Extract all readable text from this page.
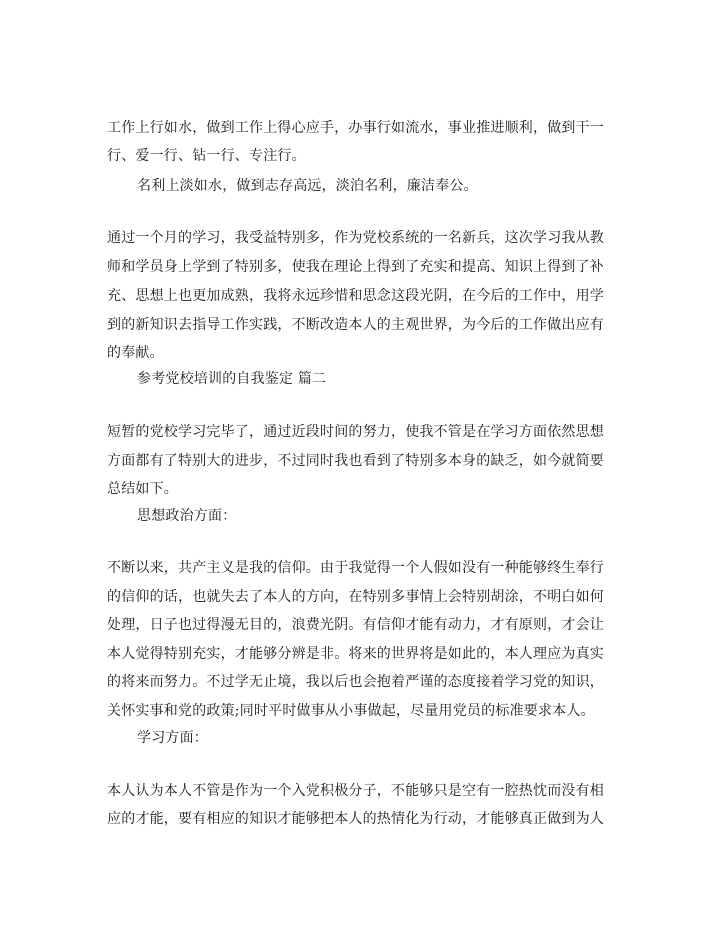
工作上行如水，做到工作上得心应手，办事行如流水，事业推进顺利，做到干一
行、爱一行、钻一行、专注行。
名利上淡如水，做到志存高远，淡泊名利，廉洁奉公。
通过一个月的学习，我受益特别多，作为党校系统的一名新兵，这次学习我从教
师和学员身上学到了特别多，使我在理论上得到了充实和提高、知识上得到了补
充、思想上也更加成熟，我将永远珍惜和思念这段光阴，在今后的工作中，用学
到的新知识去指导工作实践，不断改造本人的主观世界，为今后的工作做出应有
的奉献。
参考党校培训的自我鉴定 篇二
短暂的党校学习完毕了，通过近段时间的努力，使我不管是在学习方面依然思想
方面都有了特别大的进步，不过同时我也看到了特别多本身的缺乏，如今就简要
总结如下。
思想政治方面：
不断以来，共产主义是我的信仰。由于我觉得一个人假如没有一种能够终生奉行
的信仰的话，也就失去了本人的方向，在特别多事情上会特别胡涂，不明白如何
处理，日子也过得漫无目的，浪费光阴。有信仰才能有动力，才有原则，才会让
本人觉得特别充实，才能够分辨是非。将来的世界将是如此的，本人理应为真实
的将来而努力。不过学无止境，我以后也会抱着严谨的态度接着学习党的知识，
关怀实事和党的政策;同时平时做事从小事做起，尽量用党员的标准要求本人。
学习方面：
本人认为本人不管是作为一个入党积极分子，不能够只是空有一腔热忱而没有相
应的才能，要有相应的知识才能够把本人的热情化为行动，才能够真正做到为人
